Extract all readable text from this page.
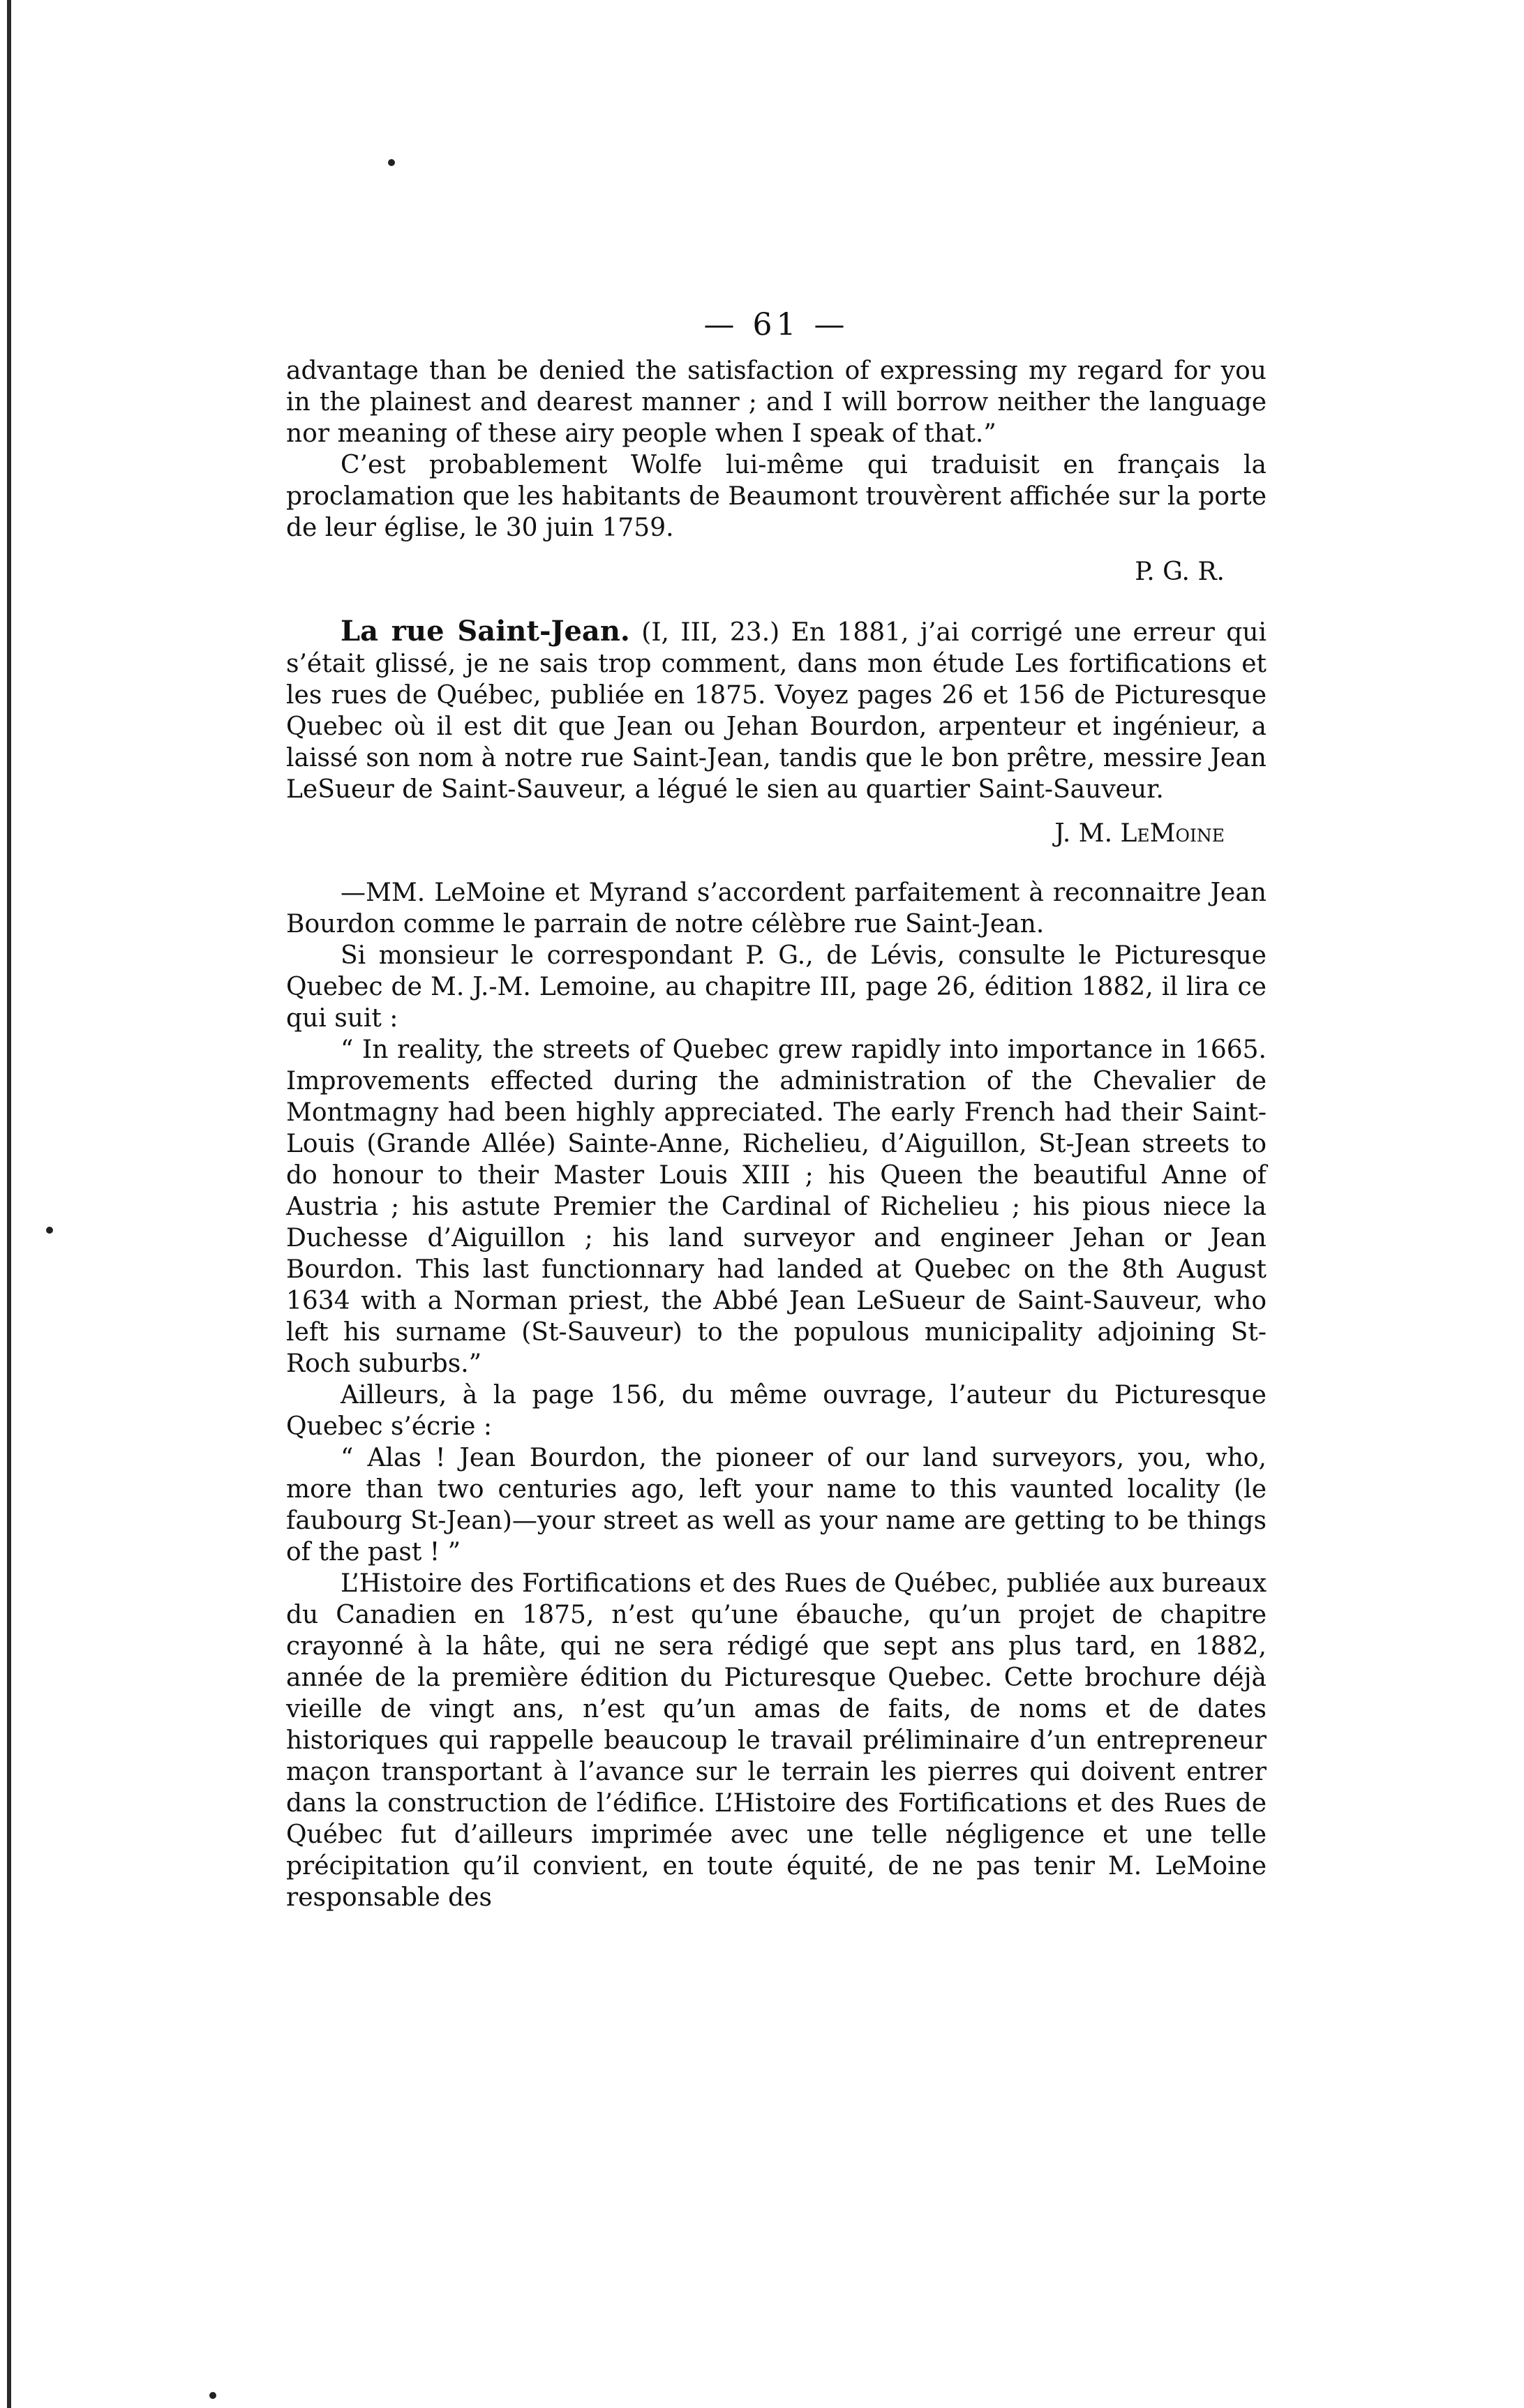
— 61 —

advantage than be denied the satisfaction of expressing my regard for you in the plainest and dearest manner ; and I will borrow neither the language nor meaning of these airy people when I speak of that.”

C’est probablement Wolfe lui-même qui traduisit en français la proclamation que les habitants de Beaumont trouvèrent affichée sur la porte de leur église, le 30 juin 1759.

P. G. R.

La rue Saint-Jean. (I, III, 23.) En 1881, j’ai corrigé une erreur qui s’était glissé, je ne sais trop comment, dans mon étude Les fortifications et les rues de Québec, publiée en 1875. Voyez pages 26 et 156 de Picturesque Quebec où il est dit que Jean ou Jehan Bourdon, arpenteur et ingénieur, a laissé son nom à notre rue Saint-Jean, tandis que le bon prêtre, messire Jean LeSueur de Saint-Sauveur, a légué le sien au quartier Saint-Sauveur.

J. M. LeMoine

—MM. LeMoine et Myrand s’accordent parfaitement à reconnaitre Jean Bourdon comme le parrain de notre célèbre rue Saint-Jean.

Si monsieur le correspondant P. G., de Lévis, consulte le Picturesque Quebec de M. J.-M. Lemoine, au chapitre III, page 26, édition 1882, il lira ce qui suit :

“ In reality, the streets of Quebec grew rapidly into importance in 1665. Improvements effected during the administration of the Chevalier de Montmagny had been highly appreciated. The early French had their Saint-Louis (Grande Allée) Sainte-Anne, Richelieu, d’Aiguillon, St-Jean streets to do honour to their Master Louis XIII ; his Queen the beautiful Anne of Austria ; his astute Premier the Cardinal of Richelieu ; his pious niece la Duchesse d’Aiguillon ; his land surveyor and engineer Jehan or Jean Bourdon. This last functionnary had landed at Quebec on the 8th August 1634 with a Norman priest, the Abbé Jean LeSueur de Saint-Sauveur, who left his surname (St-Sauveur) to the populous municipality adjoining St-Roch suburbs.”

Ailleurs, à la page 156, du même ouvrage, l’auteur du Picturesque Quebec s’écrie :

“ Alas ! Jean Bourdon, the pioneer of our land surveyors, you, who, more than two centuries ago, left your name to this vaunted locality (le faubourg St-Jean)—your street as well as your name are getting to be things of the past ! ”

L’Histoire des Fortifications et des Rues de Québec, publiée aux bureaux du Canadien en 1875, n’est qu’une ébauche, qu’un projet de chapitre crayonné à la hâte, qui ne sera rédigé que sept ans plus tard, en 1882, année de la première édition du Picturesque Quebec. Cette brochure déjà vieille de vingt ans, n’est qu’un amas de faits, de noms et de dates historiques qui rappelle beaucoup le travail préliminaire d’un entrepreneur maçon transportant à l’avance sur le terrain les pierres qui doivent entrer dans la construction de l’édifice. L’Histoire des Fortifications et des Rues de Québec fut d’ailleurs imprimée avec une telle négligence et une telle précipitation qu’il convient, en toute équité, de ne pas tenir M. LeMoine responsable des
